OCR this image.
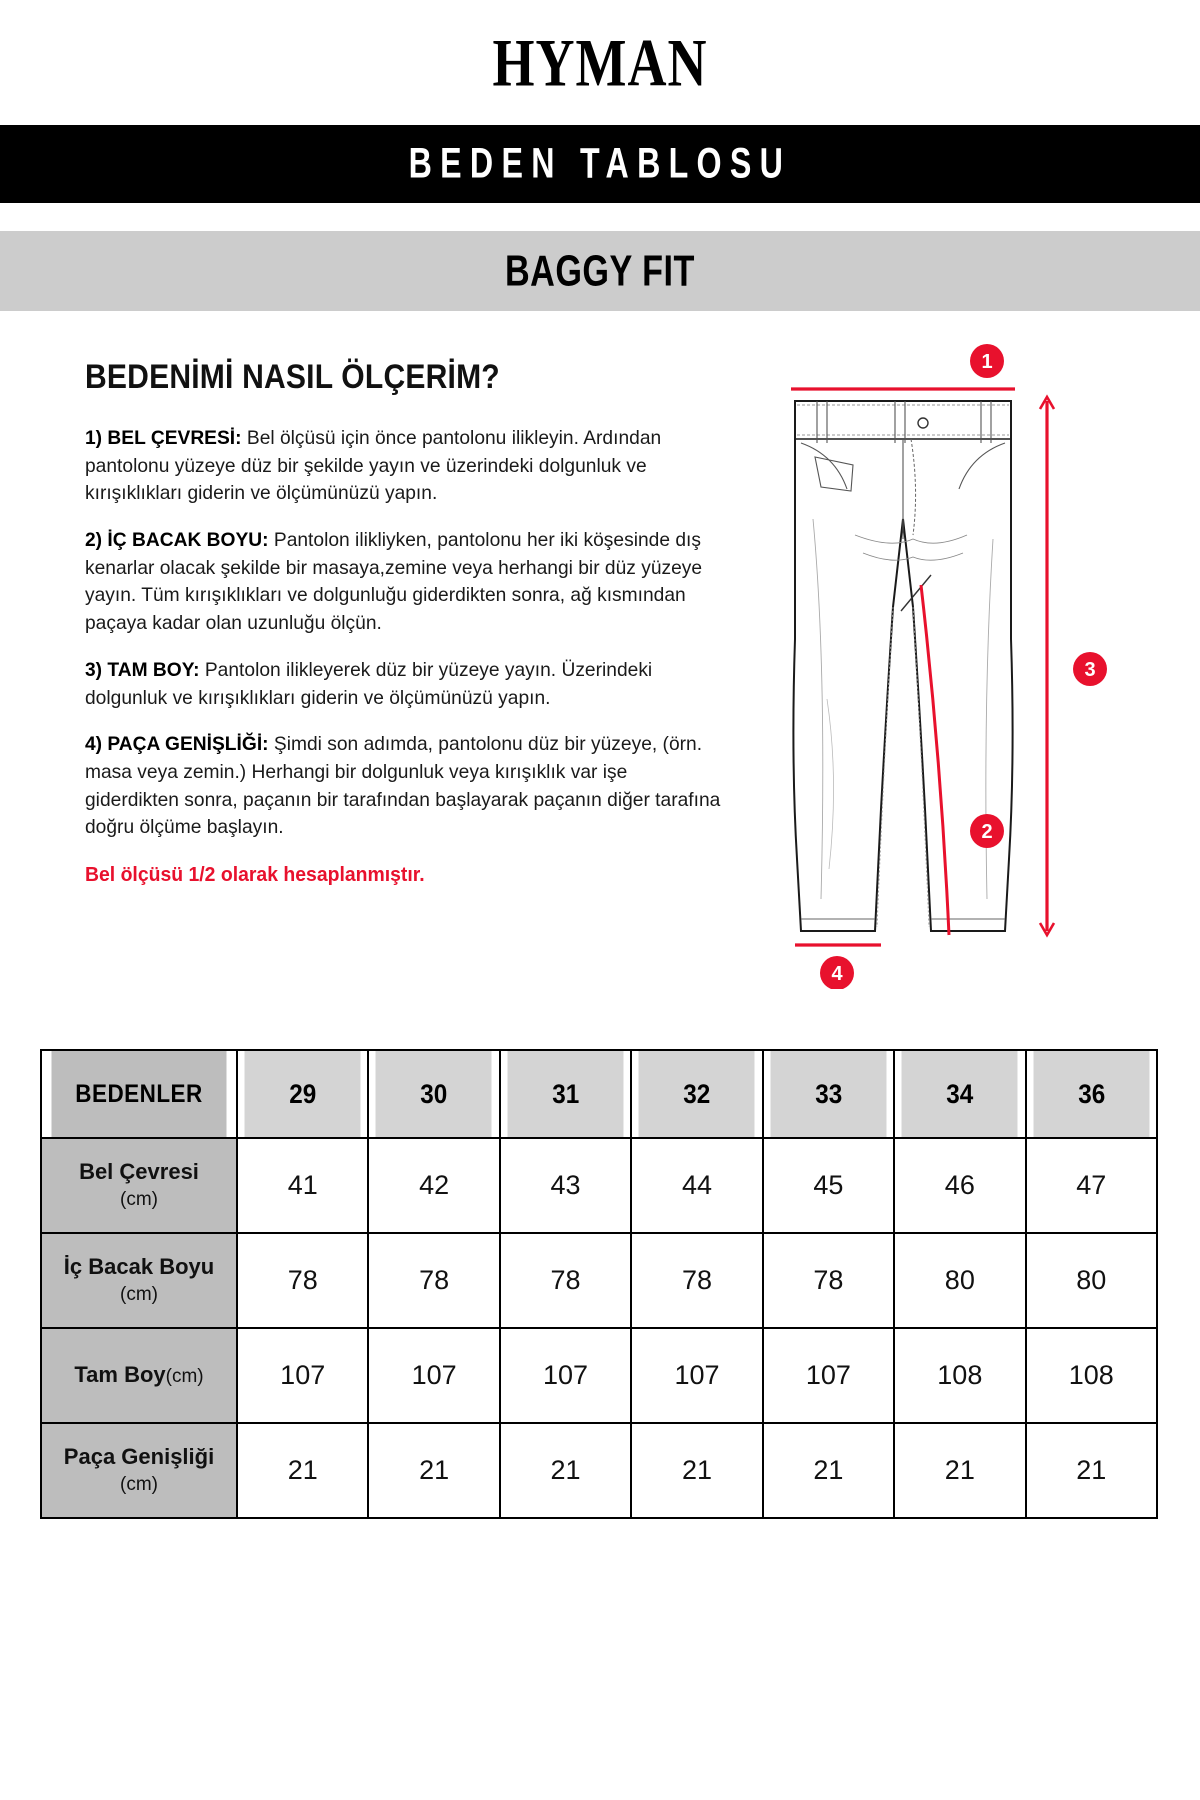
HYMAN
BEDEN TABLOSU
BAGGY FIT
BEDENİMİ NASIL ÖLÇERİM?

1) BEL ÇEVRESİ: Bel ölçüsü için önce pantolonu ilikleyin. Ardından pantolonu yüzeye düz bir şekilde yayın ve üzerindeki dolgunluk ve kırışıklıkları giderin ve ölçümünüzü yapın.

2) İÇ BACAK BOYU: Pantolon ilikliyken, pantolonu her iki köşesinde dış kenarlar olacak şekilde bir masaya,zemine veya herhangi bir düz yüzeye yayın. Tüm kırışıklıkları ve dolgunluğu giderdikten sonra, ağ kısmından paçaya kadar olan uzunluğu ölçün.

3) TAM BOY: Pantolon ilikleyerek düz bir yüzeye yayın. Üzerindeki dolgunluk ve kırışıklıkları giderin ve ölçümünüzü yapın.

4) PAÇA GENİŞLİĞİ: Şimdi son adımda, pantolonu düz bir yüzeye, (örn. masa veya zemin.) Herhangi bir dolgunluk veya kırışıklık var işe giderdikten sonra, paçanın bir tarafından başlayarak paçanın diğer tarafına doğru ölçüme başlayın.

Bel ölçüsü 1/2 olarak hesaplanmıştır.
1
3
2
4
BEDENLER	29	30	31	32	33	34	36
Bel Çevresi
(cm)	41	42	43	44	45	46	47
İç Bacak Boyu
(cm)	78	78	78	78	78	80	80
Tam Boy(cm)	107	107	107	107	107	108	108
Paça Genişliği
(cm)	21	21	21	21	21	21	21
